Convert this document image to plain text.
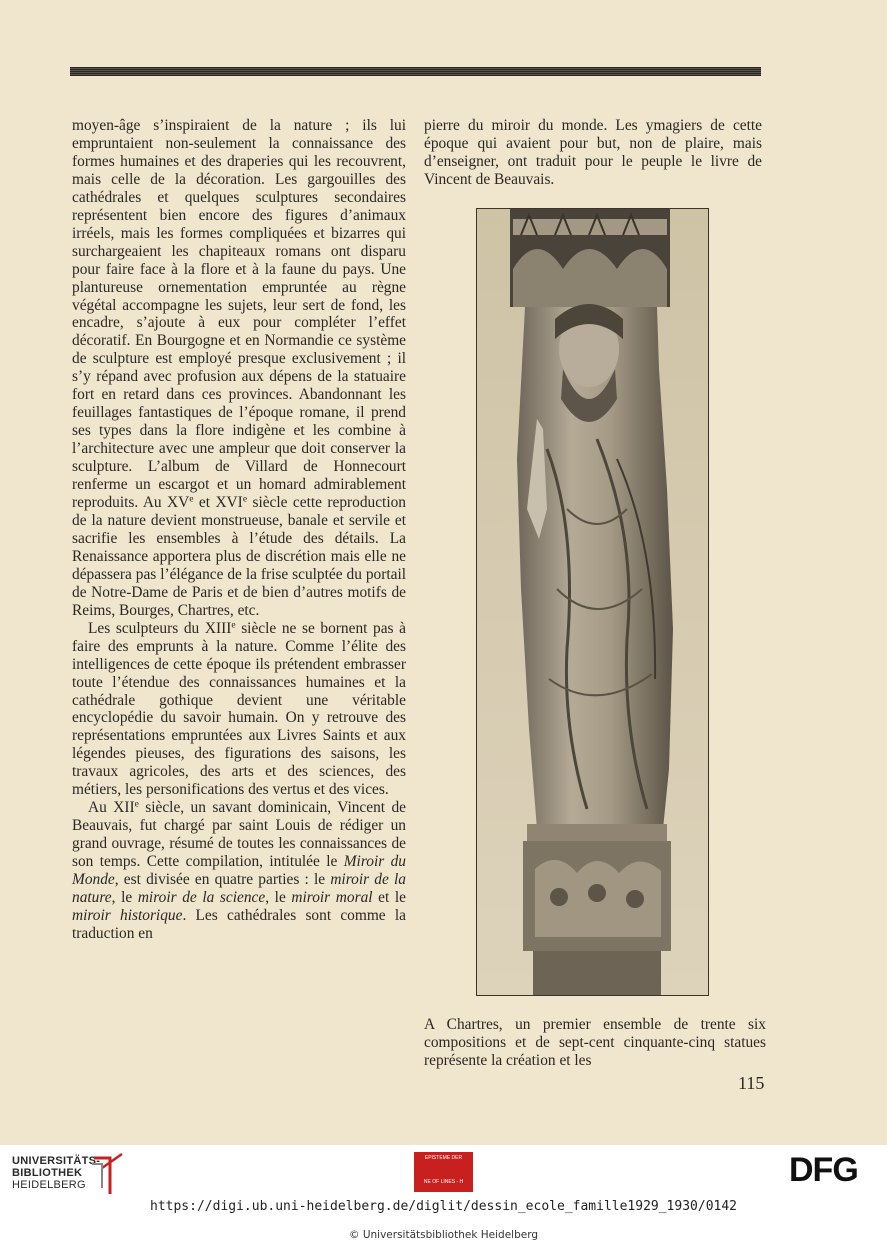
moyen-âge s’inspiraient de la nature ; ils lui empruntaient non-seulement la connaissance des formes humaines et des draperies qui les recouvrent, mais celle de la décoration. Les gargouilles des cathédrales et quelques sculptures secondaires représentent bien encore des figures d’animaux irréels, mais les formes compliquées et bizarres qui surchargeaient les chapiteaux romans ont disparu pour faire face à la flore et à la faune du pays. Une plantureuse ornementation empruntée au règne végétal accompagne les sujets, leur sert de fond, les encadre, s’ajoute à eux pour compléter l’effet décoratif. En Bourgogne et en Normandie ce système de sculpture est employé presque exclusivement ; il s’y répand avec profusion aux dépens de la statuaire fort en retard dans ces provinces. Abandonnant les feuillages fantastiques de l’époque romane, il prend ses types dans la flore indigène et les combine à l’architecture avec une ampleur que doit conserver la sculpture. L’album de Villard de Honnecourt renferme un escargot et un homard admirablement reproduits. Au XVe et XVIe siècle cette reproduction de la nature devient monstrueuse, banale et servile et sacrifie les ensembles à l’étude des détails. La Renaissance apportera plus de discrétion mais elle ne dépassera pas l’élégance de la frise sculptée du portail de Notre-Dame de Paris et de bien d’autres motifs de Reims, Bourges, Chartres, etc.

Les sculpteurs du XIIIe siècle ne se bornent pas à faire des emprunts à la nature. Comme l’élite des intelligences de cette époque ils prétendent embrasser toute l’étendue des connaissances humaines et la cathédrale gothique devient une véritable encyclopédie du savoir humain. On y retrouve des représentations empruntées aux Livres Saints et aux légendes pieuses, des figurations des saisons, les travaux agricoles, des arts et des sciences, des métiers, les personifications des vertus et des vices.

Au XIIe siècle, un savant dominicain, Vincent de Beauvais, fut chargé par saint Louis de rédiger un grand ouvrage, résumé de toutes les connaissances de son temps. Cette compilation, intitulée le Miroir du Monde, est divisée en quatre parties : le miroir de la nature, le miroir de la science, le miroir moral et le miroir historique. Les cathédrales sont comme la traduction en

pierre du miroir du monde. Les ymagiers de cette époque qui avaient pour but, non de plaire, mais d’enseigner, ont traduit pour le peuple le livre de Vincent de Beauvais.

A Chartres, un premier ensemble de trente six compositions et de sept-cent cinquante-cinq statues représente la création et les

115
UNIVERSITÄTS-
BIBLIOTHEK
HEIDELBERG
EPISTEME DER
NE OF LINES - H	DFG
https://digi.ub.uni-heidelberg.de/diglit/dessin_ecole_famille1929_1930/0142
© Universitätsbibliothek Heidelberg
